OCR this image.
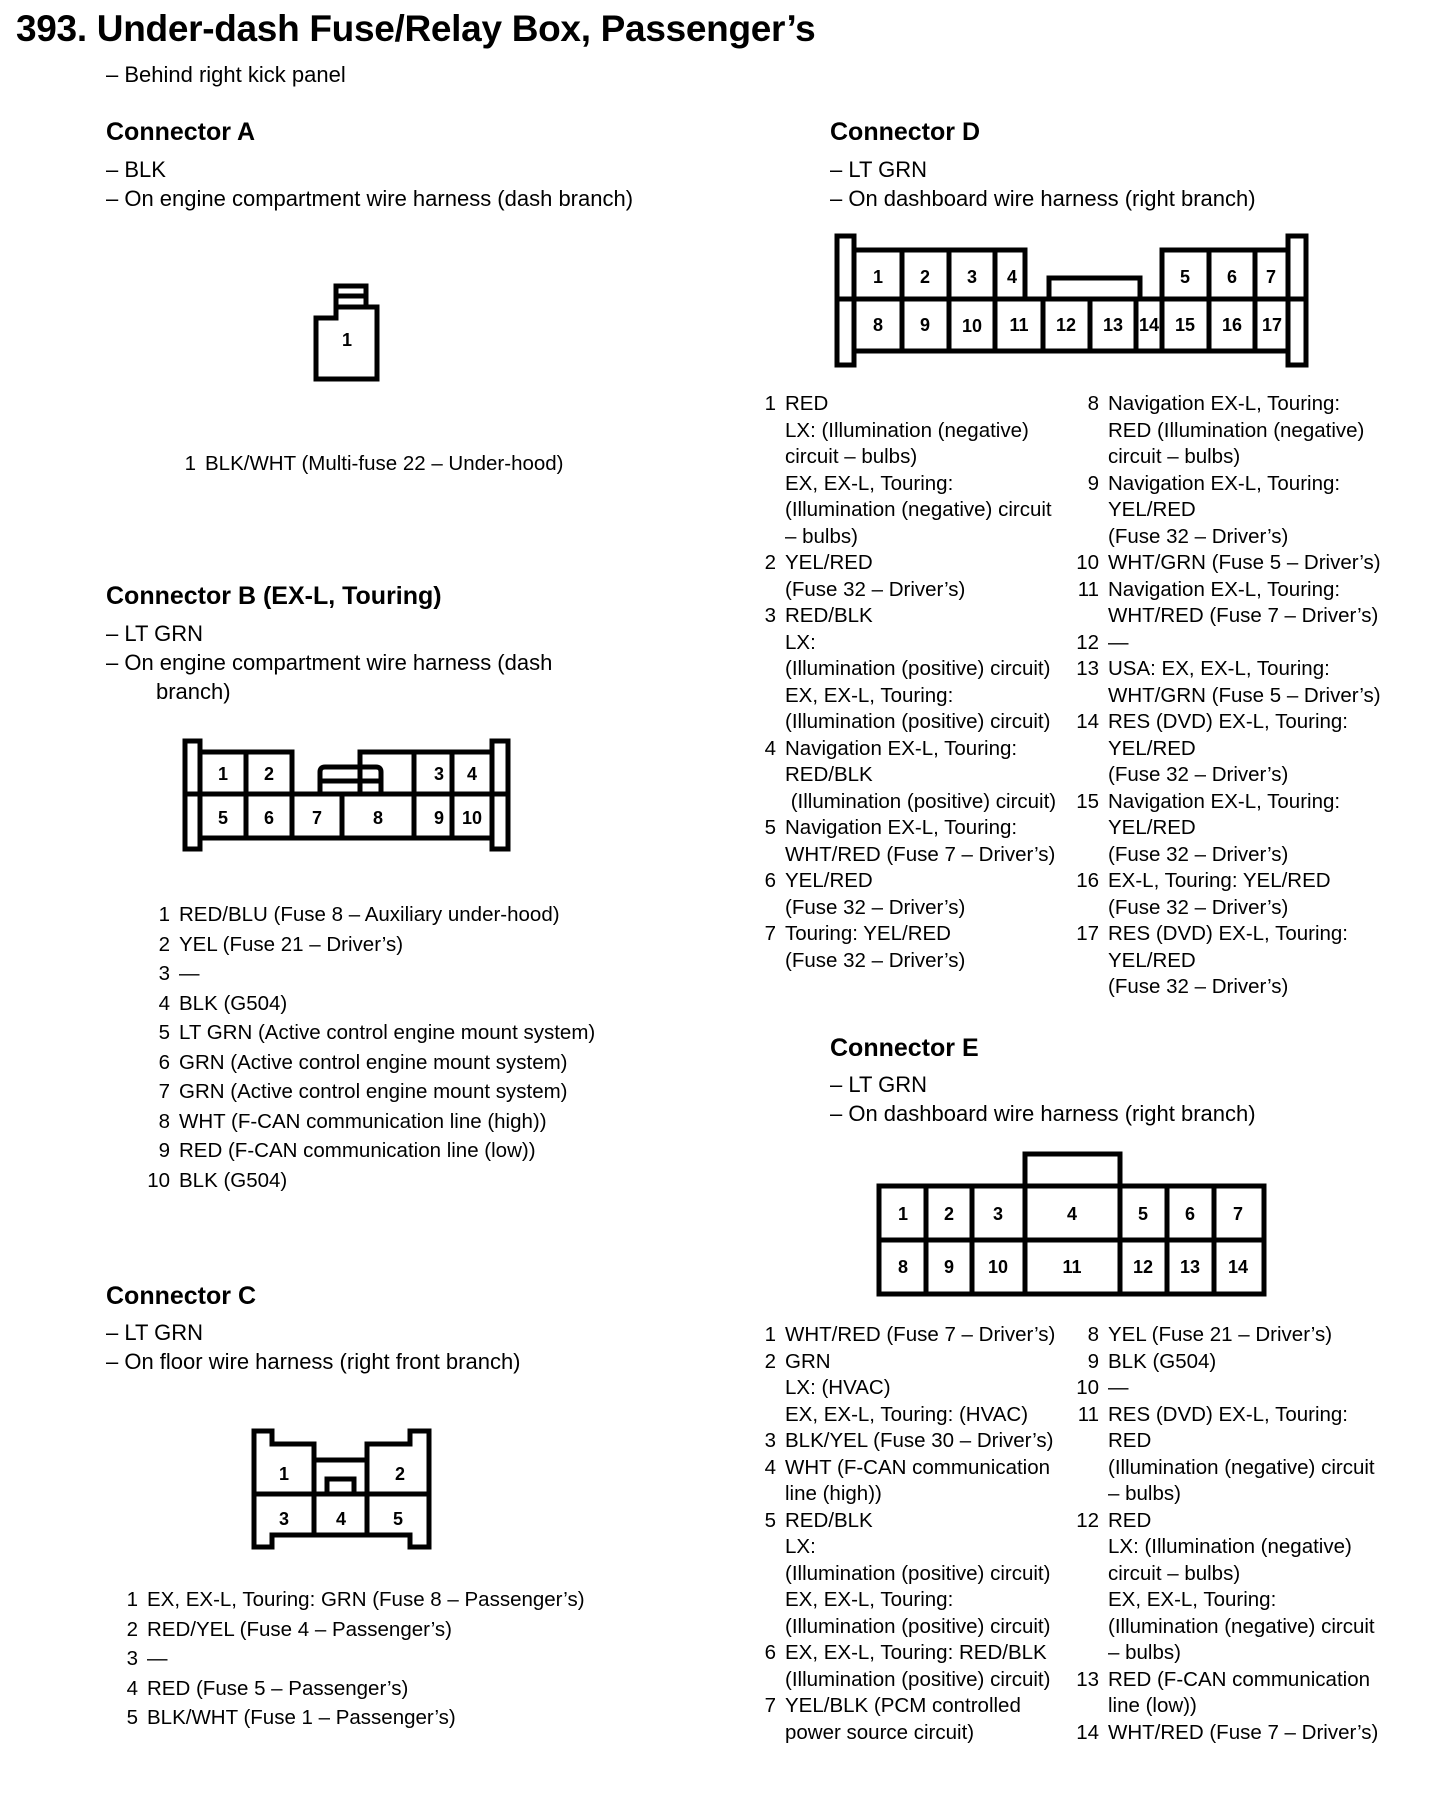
393. Under-dash Fuse/Relay Box, Passenger’s
– Behind right kick panel
Connector A
– BLK
– On engine compartment wire harness (dash branch)
1
1 BLK/WHT (Multi-fuse 22 – Under-hood)
Connector B (EX-L, Touring)
– LT GRN
– On engine compartment wire harness (dash
branch)
1 2	3
5 6 7	8	9
4
10
1 RED/BLU (Fuse 8 – Auxiliary under-hood)
2 YEL (Fuse 21 – Driver’s)
3 —
4 BLK (G504)
5 LT GRN (Active control engine mount system)
6 GRN (Active control engine mount system)
7 GRN (Active control engine mount system)
8 WHT (F-CAN communication line (high))
9 RED (F-CAN communication line (low))
10 BLK (G504)
Connector C
– LT GRN
– On floor wire harness (right front branch)
1	2
3	4	5
1 EX, EX-L, Touring: GRN (Fuse 8 – Passenger’s)
2 RED/YEL (Fuse 4 – Passenger’s)
3 —
4 RED (Fuse 5 – Passenger’s)
5 BLK/WHT (Fuse 1 – Passenger’s)
Connector D
– LT GRN
– On dashboard wire harness (right branch)
1 2 3 4	5 6 7
8 9 10 11 12 13 14 15 16 17
1 RED
LX: (Illumination (negative)
circuit – bulbs)
EX, EX-L, Touring:
(Illumination (negative) circuit
– bulbs)
2 YEL/RED
(Fuse 32 – Driver’s)
3 RED/BLK
LX:
(Illumination (positive) circuit)
EX, EX-L, Touring:
(Illumination (positive) circuit)
4 Navigation EX-L, Touring:
RED/BLK
(Illumination (positive) circuit)
5 Navigation EX-L, Touring:
WHT/RED (Fuse 7 – Driver’s)
6 YEL/RED
(Fuse 32 – Driver’s)
7 Touring: YEL/RED
(Fuse 32 – Driver’s)
8 Navigation EX-L, Touring:
RED (Illumination (negative)
circuit – bulbs)
9 Navigation EX-L, Touring:
YEL/RED
(Fuse 32 – Driver’s)
10 WHT/GRN (Fuse 5 – Driver’s)
11 Navigation EX-L, Touring:
WHT/RED (Fuse 7 – Driver’s)
12 —
13 USA: EX, EX-L, Touring:
WHT/GRN (Fuse 5 – Driver’s)
14 RES (DVD) EX-L, Touring:
YEL/RED
(Fuse 32 – Driver’s)
15 Navigation EX-L, Touring:
YEL/RED
(Fuse 32 – Driver’s)
16 EX-L, Touring: YEL/RED
(Fuse 32 – Driver’s)
17 RES (DVD) EX-L, Touring:
YEL/RED
(Fuse 32 – Driver’s)
Connector E
– LT GRN
– On dashboard wire harness (right branch)
1 2 3	4	5 6 7
8 9 10	11	12 13 14
1 WHT/RED (Fuse 7 – Driver’s)
2 GRN
LX: (HVAC)
EX, EX-L, Touring: (HVAC)
3 BLK/YEL (Fuse 30 – Driver’s)
4 WHT (F-CAN communication
line (high))
5 RED/BLK
LX:
(Illumination (positive) circuit)
EX, EX-L, Touring:
(Illumination (positive) circuit)
6 EX, EX-L, Touring: RED/BLK
(Illumination (positive) circuit)
7 YEL/BLK (PCM controlled
power source circuit)
8 YEL (Fuse 21 – Driver’s)
9 BLK (G504)
10 —
11 RES (DVD) EX-L, Touring:
RED
(Illumination (negative) circuit
– bulbs)
12 RED
LX: (Illumination (negative)
circuit – bulbs)
EX, EX-L, Touring:
(Illumination (negative) circuit
– bulbs)
13 RED (F-CAN communication
line (low))
14 WHT/RED (Fuse 7 – Driver’s)
